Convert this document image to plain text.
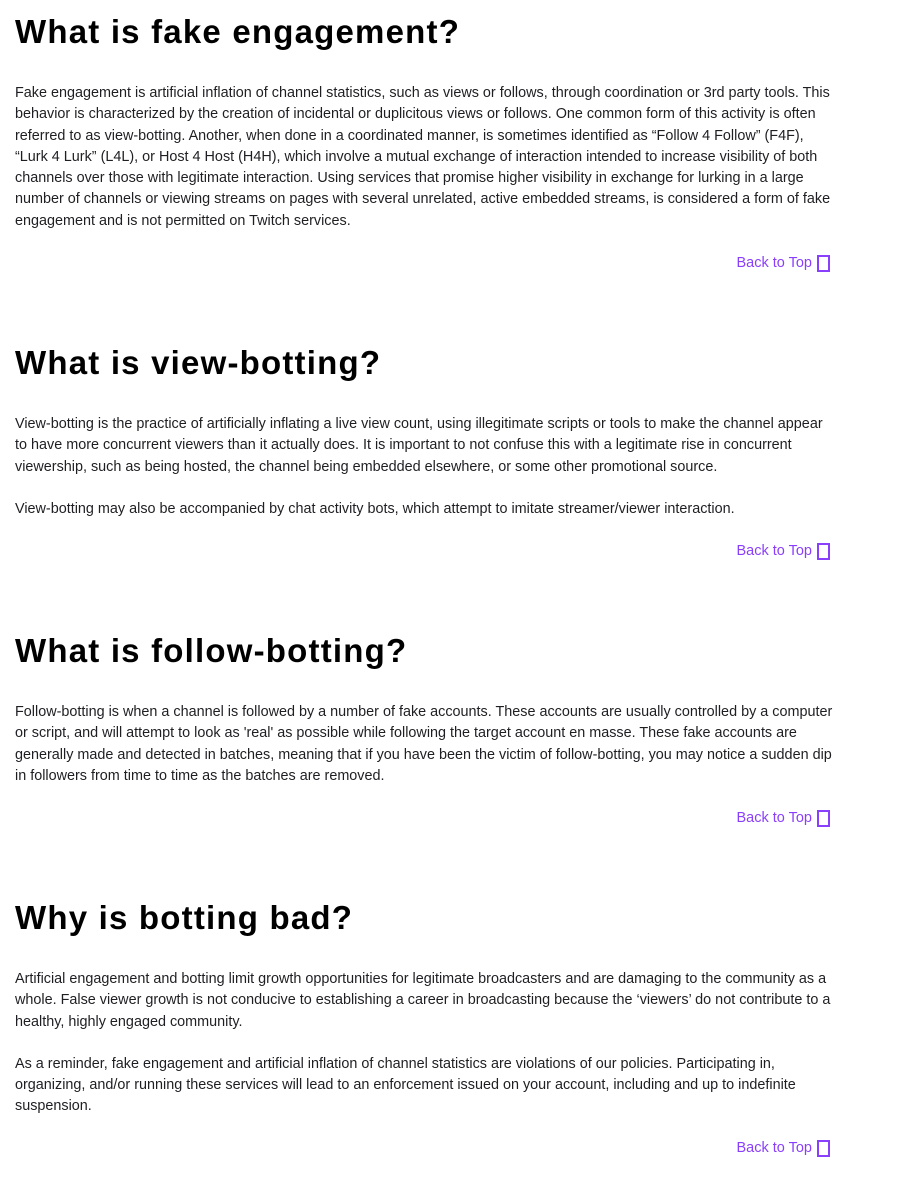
What is fake engagement?

Fake engagement is artificial inflation of channel statistics, such as views or follows, through coordination or 3rd party tools. This behavior is characterized by the creation of incidental or duplicitous views or follows. One common form of this activity is often referred to as view-botting. Another, when done in a coordinated manner, is sometimes identified as “Follow 4 Follow” (F4F), “Lurk 4 Lurk” (L4L), or Host 4 Host (H4H), which involve a mutual exchange of interaction intended to increase visibility of both channels over those with legitimate interaction. Using services that promise higher visibility in exchange for lurking in a large number of channels or viewing streams on pages with several unrelated, active embedded streams, is considered a form of fake engagement and is not permitted on Twitch services.

Back to Top
What is view-botting?

View-botting is the practice of artificially inflating a live view count, using illegitimate scripts or tools to make the channel appear to have more concurrent viewers than it actually does. It is important to not confuse this with a legitimate rise in concurrent viewership, such as being hosted, the channel being embedded elsewhere, or some other promotional source.

View-botting may also be accompanied by chat activity bots, which attempt to imitate streamer/viewer interaction.

Back to Top
What is follow-botting?

Follow-botting is when a channel is followed by a number of fake accounts. These accounts are usually controlled by a computer or script, and will attempt to look as 'real' as possible while following the target account en masse. These fake accounts are generally made and detected in batches, meaning that if you have been the victim of follow-botting, you may notice a sudden dip in followers from time to time as the batches are removed.

Back to Top
Why is botting bad?

Artificial engagement and botting limit growth opportunities for legitimate broadcasters and are damaging to the community as a whole. False viewer growth is not conducive to establishing a career in broadcasting because the ‘viewers’ do not contribute to a healthy, highly engaged community.

As a reminder, fake engagement and artificial inflation of channel statistics are violations of our policies. Participating in, organizing, and/or running these services will lead to an enforcement issued on your account, including and up to indefinite suspension.

Back to Top
